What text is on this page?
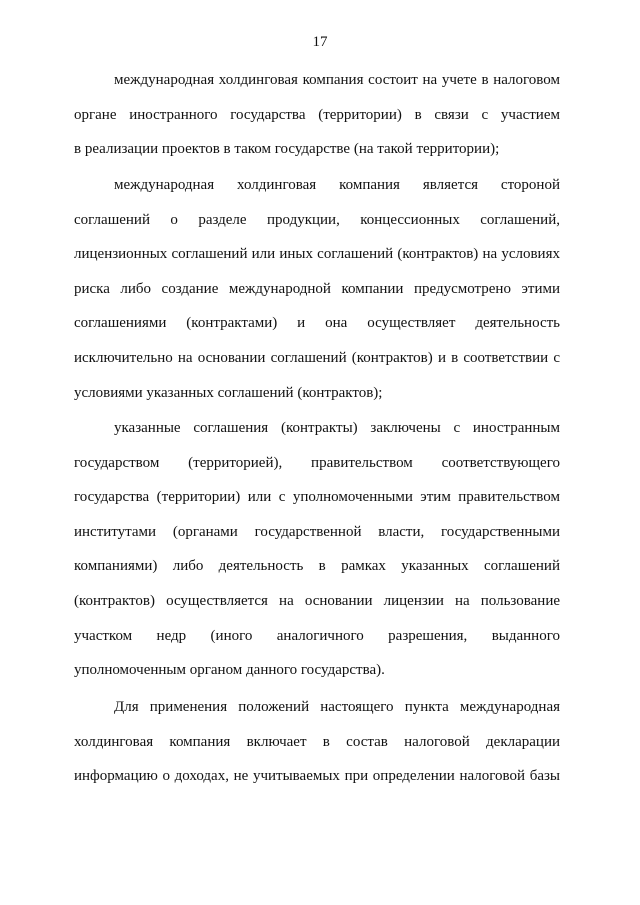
17
международная холдинговая компания состоит на учете в налоговом
органе иностранного государства (территории) в связи с участием
в реализации проектов в таком государстве (на такой территории);
международная холдинговая компания является стороной
соглашений о разделе продукции, концессионных соглашений,
лицензионных соглашений или иных соглашений (контрактов) на условиях
риска либо создание международной компании предусмотрено этими
соглашениями (контрактами) и она осуществляет деятельность
исключительно на основании соглашений (контрактов) и в соответствии с
условиями указанных соглашений (контрактов);
указанные соглашения (контракты) заключены с иностранным
государством (территорией), правительством соответствующего
государства (территории) или с уполномоченными этим правительством
институтами (органами государственной власти, государственными
компаниями) либо деятельность в рамках указанных соглашений
(контрактов) осуществляется на основании лицензии на пользование
участком недр (иного аналогичного разрешения, выданного
уполномоченным органом данного государства).
Для применения положений настоящего пункта международная
холдинговая компания включает в состав налоговой декларации
информацию о доходах, не учитываемых при определении налоговой базы
